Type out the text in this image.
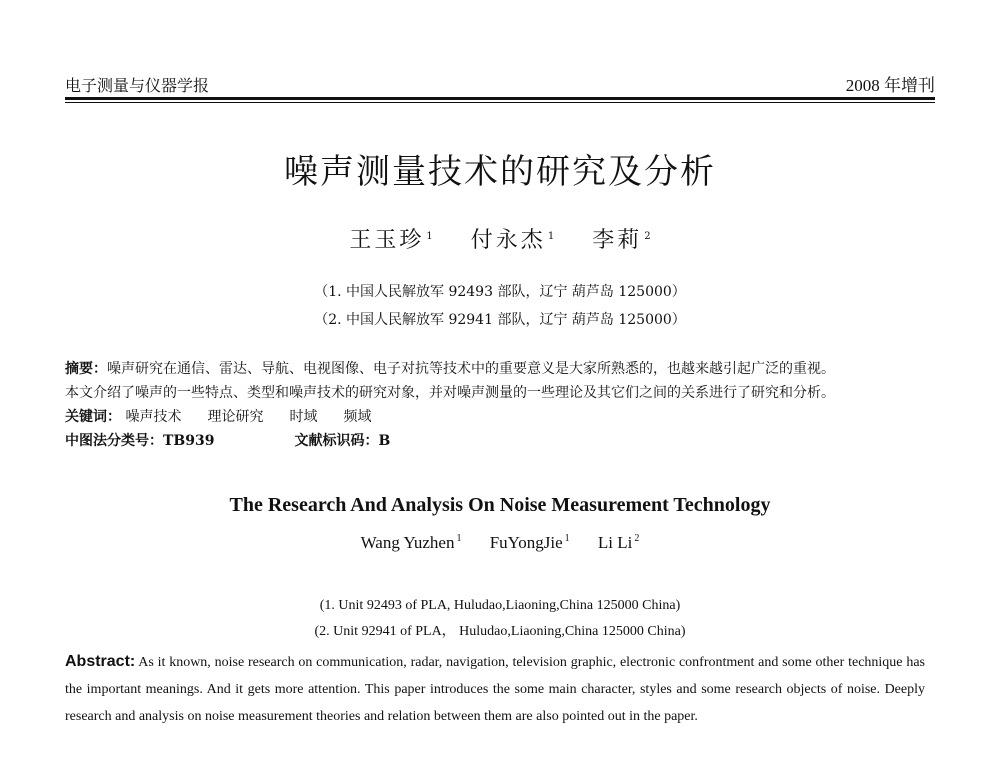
电子测量与仪器学报	2008 年增刊
噪声测量技术的研究及分析
王玉珍 $^1$ 付永杰 $^1$ 李莉 $^2$
（1. 中国人民解放军 92493 部队，辽宁 葫芦岛 125000）
（2. 中国人民解放军 92941 部队，辽宁 葫芦岛 125000）
摘要：噪声研究在通信、雷达、导航、电视图像、电子对抗等技术中的重要意义是大家所熟悉的，也越来越引起广泛的重视。
本文介绍了噪声的一些特点、类型和噪声技术的研究对象，并对噪声测量的一些理论及其它们之间的关系进行了研究和分析。
关键词： 噪声技术 理论研究 时域 频域
中图法分类号：TB939	文献标识码：B
The Research And Analysis On Noise Measurement Technology
Wang Yuzhen $^1$ FuYongJie $^1$ Li Li $^2$
(1. Unit 92493 of PLA, Huludao,Liaoning,China 125000 China)
(2. Unit 92941 of PLA， Huludao,Liaoning,China 125000 China)
Abstract: As it known, noise research on communication, radar, navigation, television graphic, electronic confrontment and some other technique has the important meanings. And it gets more attention. This paper introduces the some main character, styles and some research objects of noise. Deeply research and analysis on noise measurement theories and relation between them are also pointed out in the paper.
